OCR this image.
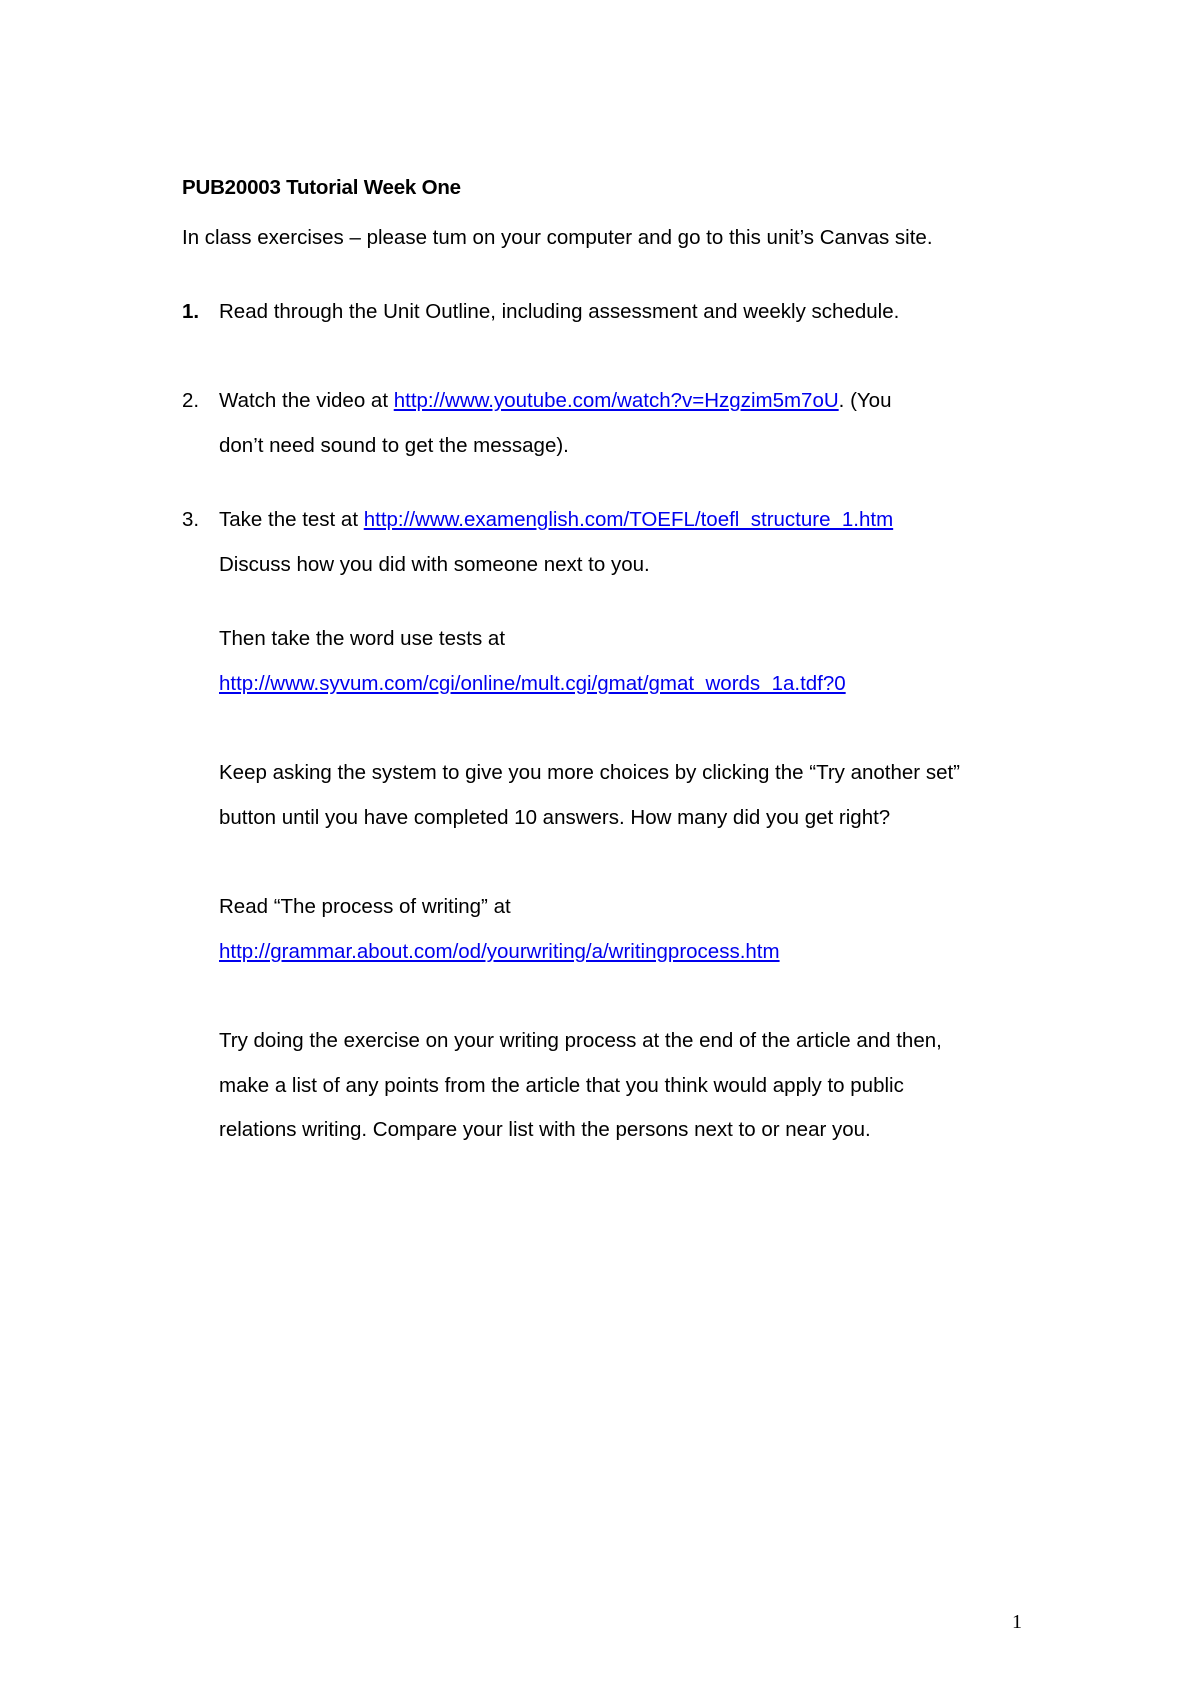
PUB20003 Tutorial Week One
In class exercises – please tum on your computer and go to this unit’s Canvas site.
1. Read through the Unit Outline, including assessment and weekly schedule.
2. Watch the video at http://www.youtube.com/watch?v=Hzgzim5m7oU. (You
don’t need sound to get the message).
3. Take the test at http://www.examenglish.com/TOEFL/toefl_structure_1.htm
Discuss how you did with someone next to you.
Then take the word use tests at
http://www.syvum.com/cgi/online/mult.cgi/gmat/gmat_words_1a.tdf?0
Keep asking the system to give you more choices by clicking the “Try another set”
button until you have completed 10 answers. How many did you get right?
Read “The process of writing” at
http://grammar.about.com/od/yourwriting/a/writingprocess.htm
Try doing the exercise on your writing process at the end of the article and then,
make a list of any points from the article that you think would apply to public
relations writing. Compare your list with the persons next to or near you.
1
